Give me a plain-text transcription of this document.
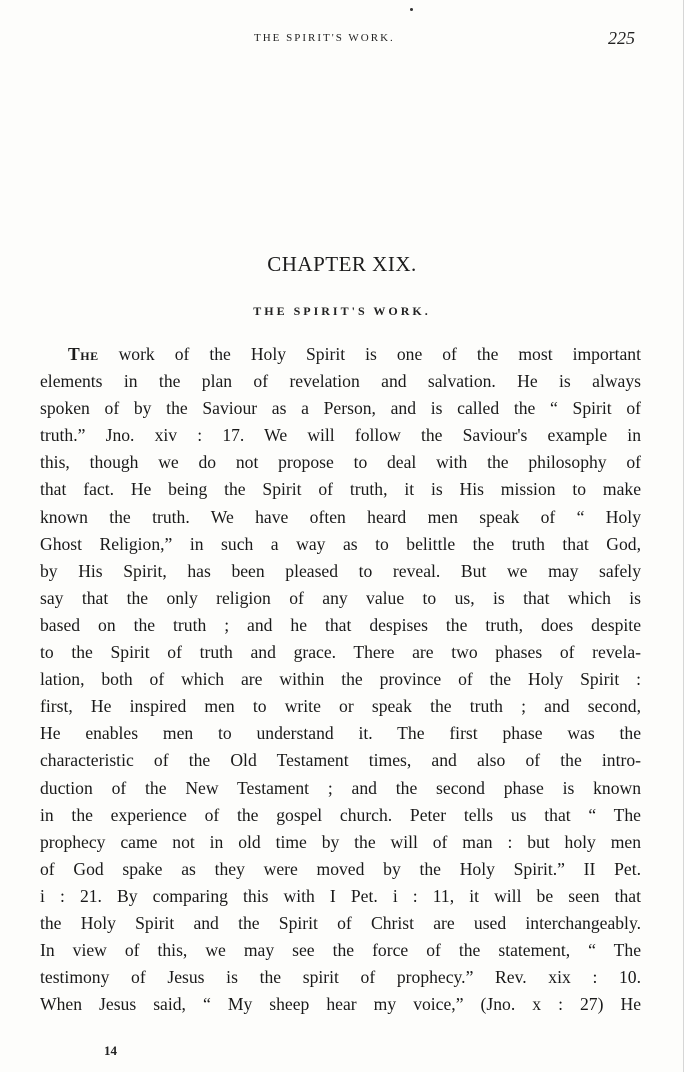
THE SPIRIT'S WORK.	225
CHAPTER XIX.
THE SPIRIT'S WORK.
The work of the Holy Spirit is one of the most important
elements in the plan of revelation and salvation. He is always
spoken of by the Saviour as a Person, and is called the “ Spirit of
truth.” Jno. xiv : 17. We will follow the Saviour's example in
this, though we do not propose to deal with the philosophy of
that fact. He being the Spirit of truth, it is His mission to make
known the truth. We have often heard men speak of “ Holy
Ghost Religion,” in such a way as to belittle the truth that God,
by His Spirit, has been pleased to reveal. But we may safely
say that the only religion of any value to us, is that which is
based on the truth ; and he that despises the truth, does despite
to the Spirit of truth and grace. There are two phases of revela-
lation, both of which are within the province of the Holy Spirit :
first, He inspired men to write or speak the truth ; and second,
He enables men to understand it. The first phase was the
characteristic of the Old Testament times, and also of the intro-
duction of the New Testament ; and the second phase is known
in the experience of the gospel church. Peter tells us that “ The
prophecy came not in old time by the will of man : but holy men
of God spake as they were moved by the Holy Spirit.” II Pet.
i : 21. By comparing this with I Pet. i : 11, it will be seen that
the Holy Spirit and the Spirit of Christ are used interchangeably.
In view of this, we may see the force of the statement, “ The
testimony of Jesus is the spirit of prophecy.” Rev. xix : 10.
When Jesus said, “ My sheep hear my voice,” (Jno. x : 27) He
14
